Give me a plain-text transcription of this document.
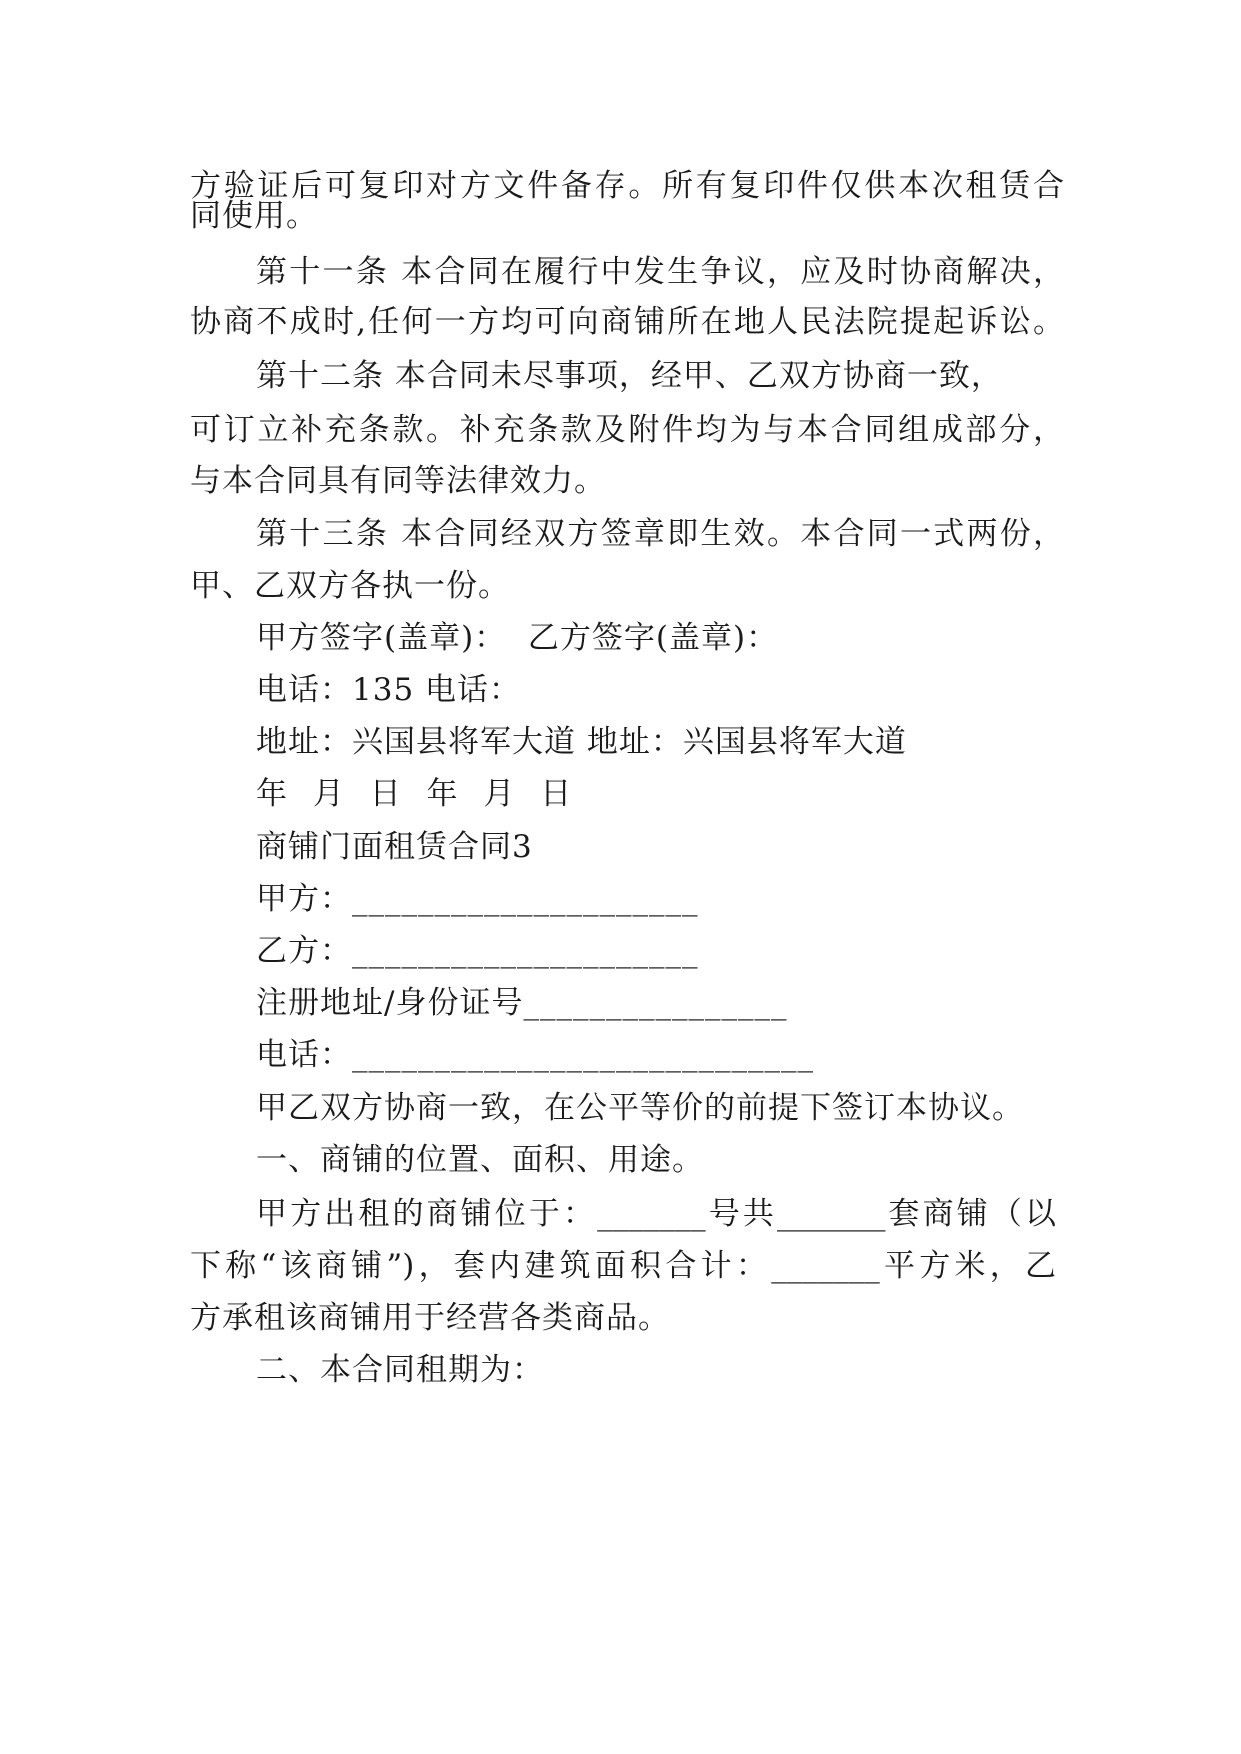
方验证后可复印对方文件备存。所有复印件仅供本次租赁合
同使用。
第十一条 本合同在履行中发生争议，应及时协商解决，
协商不成时,任何一方均可向商铺所在地人民法院提起诉讼。
第十二条 本合同未尽事项，经甲、乙双方协商一致，
可订立补充条款。补充条款及附件均为与本合同组成部分，
与本合同具有同等法律效力。
第十三条 本合同经双方签章即生效。本合同一式两份，
甲、乙双方各执一份。
甲方签字(盖章)：  乙方签字(盖章)：
电话：135 电话：
地址：兴国县将军大道 地址：兴国县将军大道
年 月 日 年 月 日
商铺门面租赁合同3
甲方：_____________________
乙方：_____________________
注册地址/身份证号________________
电话：____________________________
甲乙双方协商一致，在公平等价的前提下签订本协议。
一、商铺的位置、面积、用途。
甲方出租的商铺位于：_______号共_______套商铺（以
下称“该商铺”)，套内建筑面积合计：_______平方米，乙
方承租该商铺用于经营各类商品。
二、本合同租期为：
